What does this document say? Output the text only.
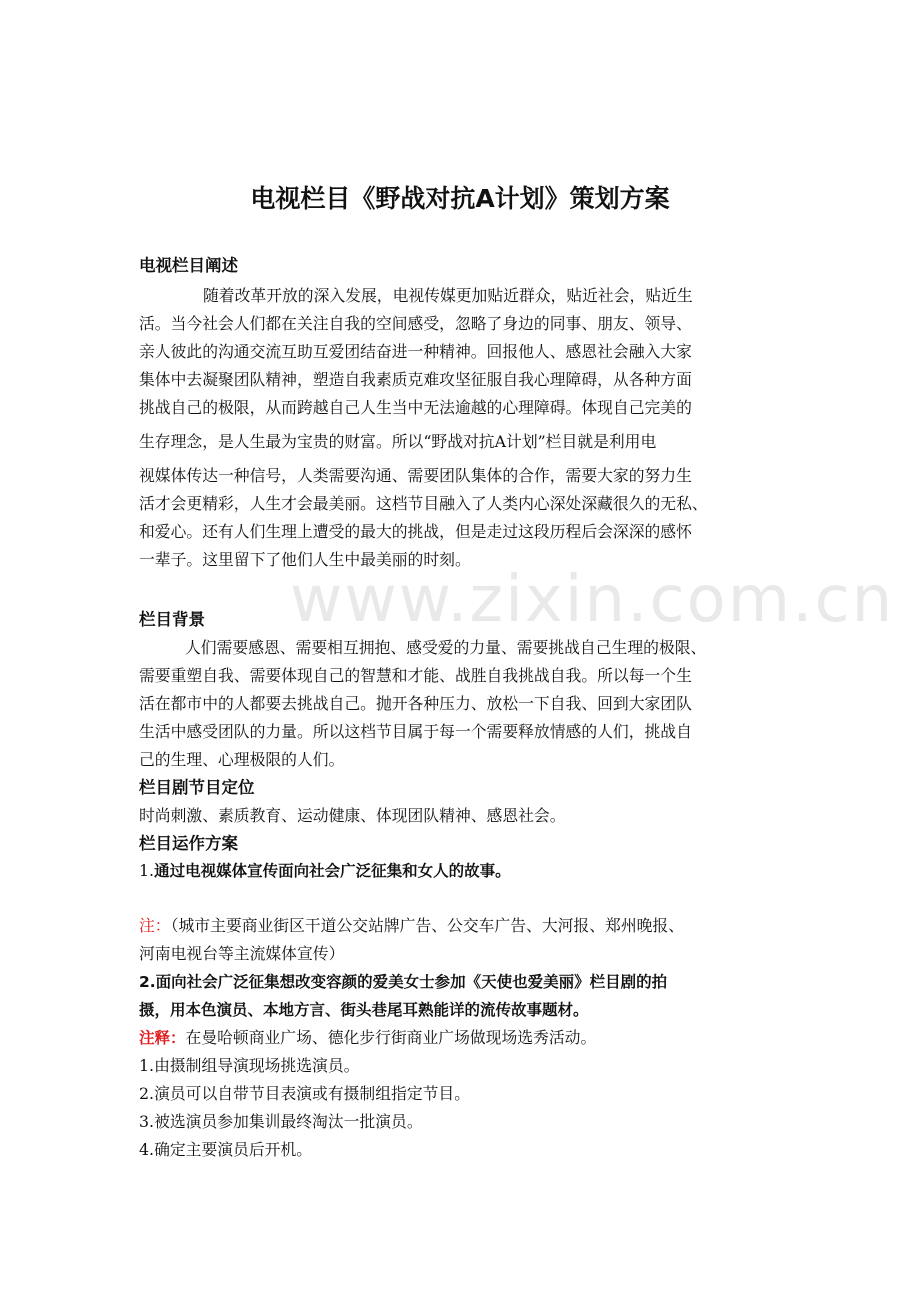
www.zixin.com.cn
电视栏目《野战对抗A计划》策划方案
电视栏目阐述
随着改革开放的深入发展，电视传媒更加贴近群众，贴近社会，贴近生
活。当今社会人们都在关注自我的空间感受，忽略了身边的同事、朋友、领导、
亲人彼此的沟通交流互助互爱团结奋进一种精神。回报他人、感恩社会融入大家
集体中去凝聚团队精神，塑造自我素质克难攻坚征服自我心理障碍，从各种方面
挑战自己的极限，从而跨越自己人生当中无法逾越的心理障碍。体现自己完美的
生存理念，是人生最为宝贵的财富。所以“野战对抗A计划”栏目就是利用电
视媒体传达一种信号，人类需要沟通、需要团队集体的合作，需要大家的努力生
活才会更精彩，人生才会最美丽。这档节目融入了人类内心深处深藏很久的无私、
和爱心。还有人们生理上遭受的最大的挑战，但是走过这段历程后会深深的感怀
一辈子。这里留下了他们人生中最美丽的时刻。
栏目背景
人们需要感恩、需要相互拥抱、感受爱的力量、需要挑战自己生理的极限、
需要重塑自我、需要体现自己的智慧和才能、战胜自我挑战自我。所以每一个生
活在都市中的人都要去挑战自己。抛开各种压力、放松一下自我、回到大家团队
生活中感受团队的力量。所以这档节目属于每一个需要释放情感的人们，挑战自
己的生理、心理极限的人们。
栏目剧节目定位
时尚刺激、素质教育、运动健康、体现团队精神、感恩社会。
栏目运作方案
1.通过电视媒体宣传面向社会广泛征集和女人的故事。
注：（城市主要商业街区干道公交站牌广告、公交车广告、大河报、郑州晚报、
河南电视台等主流媒体宣传）
2.面向社会广泛征集想改变容颜的爱美女士参加《天使也爱美丽》栏目剧的拍
摄，用本色演员、本地方言、街头巷尾耳熟能详的流传故事题材。
注释：在曼哈顿商业广场、德化步行街商业广场做现场选秀活动。
1.由摄制组导演现场挑选演员。
2.演员可以自带节目表演或有摄制组指定节目。
3.被选演员参加集训最终淘汰一批演员。
4.确定主要演员后开机。
